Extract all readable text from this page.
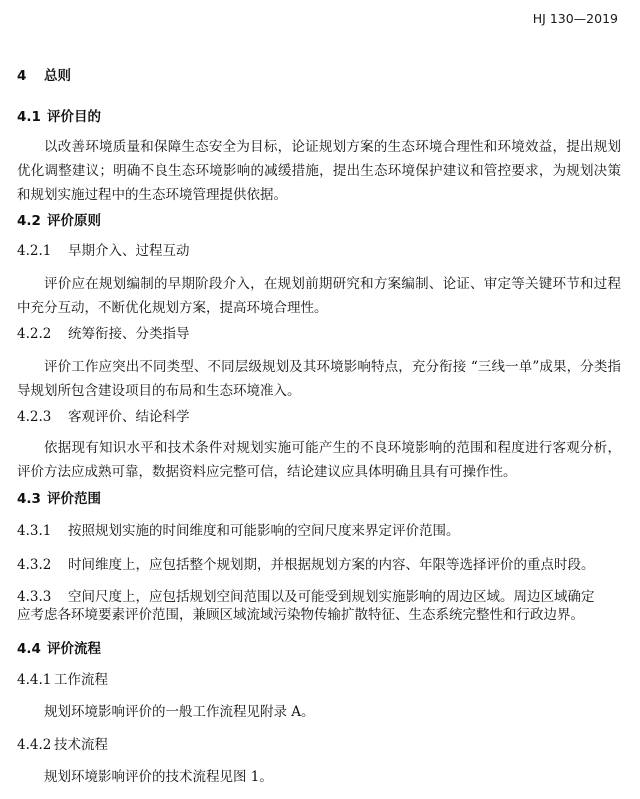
HJ 130—2019
4 总则
4.1 评价目的
以改善环境质量和保障生态安全为目标，论证规划方案的生态环境合理性和环境效益，提出规划优化调整建议；明确不良生态环境影响的减缓措施，提出生态环境保护建议和管控要求，为规划决策和规划实施过程中的生态环境管理提供依据。
4.2 评价原则
4.2.1 早期介入、过程互动
评价应在规划编制的早期阶段介入，在规划前期研究和方案编制、论证、审定等关键环节和过程中充分互动，不断优化规划方案，提高环境合理性。
4.2.2 统筹衔接、分类指导
评价工作应突出不同类型、不同层级规划及其环境影响特点，充分衔接 “三线一单”成果，分类指导规划所包含建设项目的布局和生态环境准入。
4.2.3 客观评价、结论科学
依据现有知识水平和技术条件对规划实施可能产生的不良环境影响的范围和程度进行客观分析，评价方法应成熟可靠，数据资料应完整可信，结论建议应具体明确且具有可操作性。
4.3 评价范围
4.3.1 按照规划实施的时间维度和可能影响的空间尺度来界定评价范围。
4.3.2 时间维度上，应包括整个规划期，并根据规划方案的内容、年限等选择评价的重点时段。
4.3.3 空间尺度上，应包括规划空间范围以及可能受到规划实施影响的周边区域。周边区域确定
应考虑各环境要素评价范围，兼顾区域流域污染物传输扩散特征、生态系统完整性和行政边界。
4.4 评价流程
4.4.1 工作流程
规划环境影响评价的一般工作流程见附录 A。
4.4.2 技术流程
规划环境影响评价的技术流程见图 1。
